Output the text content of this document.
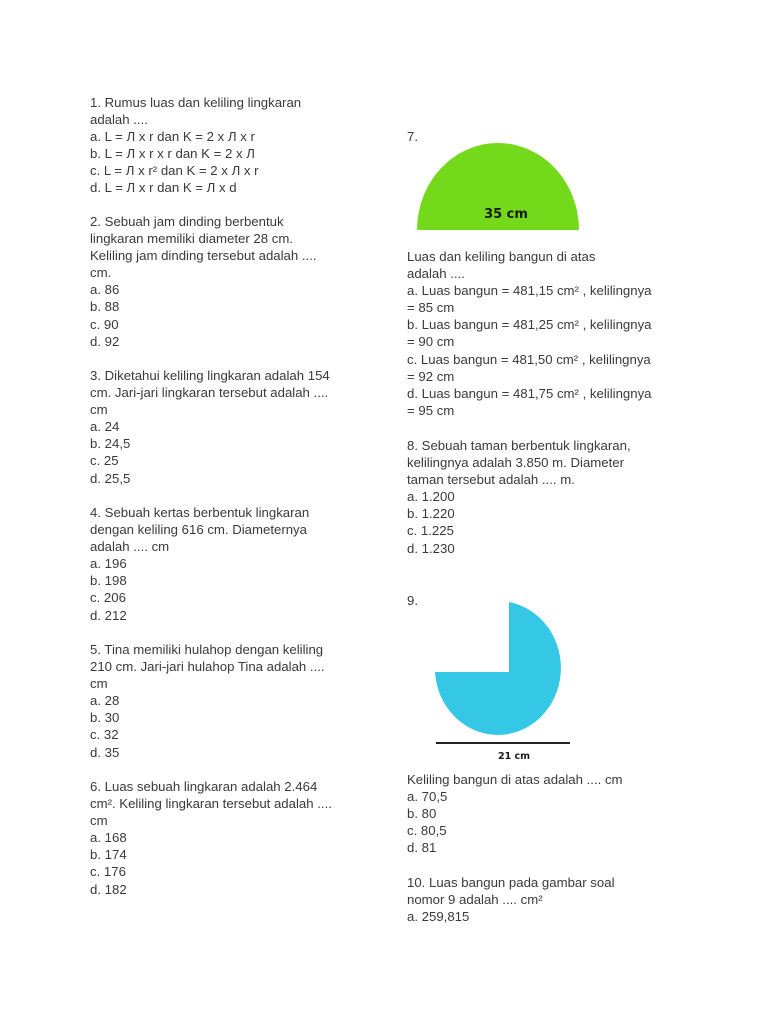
1. Rumus luas dan keliling lingkaran
adalah ....
a. L = Л x r dan K = 2 x Л x r
b. L = Л x r x r dan K = 2 x Л
c. L = Л x r² dan K = 2 x Л x r
d. L = Л x r dan K = Л x d
2. Sebuah jam dinding berbentuk
lingkaran memiliki diameter 28 cm.
Keliling jam dinding tersebut adalah ....
cm.
a. 86
b. 88
c. 90
d. 92
3. Diketahui keliling lingkaran adalah 154
cm. Jari-jari lingkaran tersebut adalah ....
cm
a. 24
b. 24,5
c. 25
d. 25,5
4. Sebuah kertas berbentuk lingkaran
dengan keliling 616 cm. Diameternya
adalah .... cm
a. 196
b. 198
c. 206
d. 212
5. Tina memiliki hulahop dengan keliling
210 cm. Jari-jari hulahop Tina adalah ....
cm
a. 28
b. 30
c. 32
d. 35
6. Luas sebuah lingkaran adalah 2.464
cm². Keliling lingkaran tersebut adalah ....
cm
a. 168
b. 174
c. 176
d. 182

7.

35 cm
Luas dan keliling bangun di atas
adalah ....
a. Luas bangun = 481,15 cm² , kelilingnya
= 85 cm
b. Luas bangun = 481,25 cm² , kelilingnya
= 90 cm
c. Luas bangun = 481,50 cm² , kelilingnya
= 92 cm
d. Luas bangun = 481,75 cm² , kelilingnya
= 95 cm
8. Sebuah taman berbentuk lingkaran,
kelilingnya adalah 3.850 m. Diameter
taman tersebut adalah .... m.
a. 1.200
b. 1.220
c. 1.225
d. 1.230

9.

21 cm
Keliling bangun di atas adalah .... cm
a. 70,5
b. 80
c. 80,5
d. 81
10. Luas bangun pada gambar soal
nomor 9 adalah .... cm²
a. 259,815
